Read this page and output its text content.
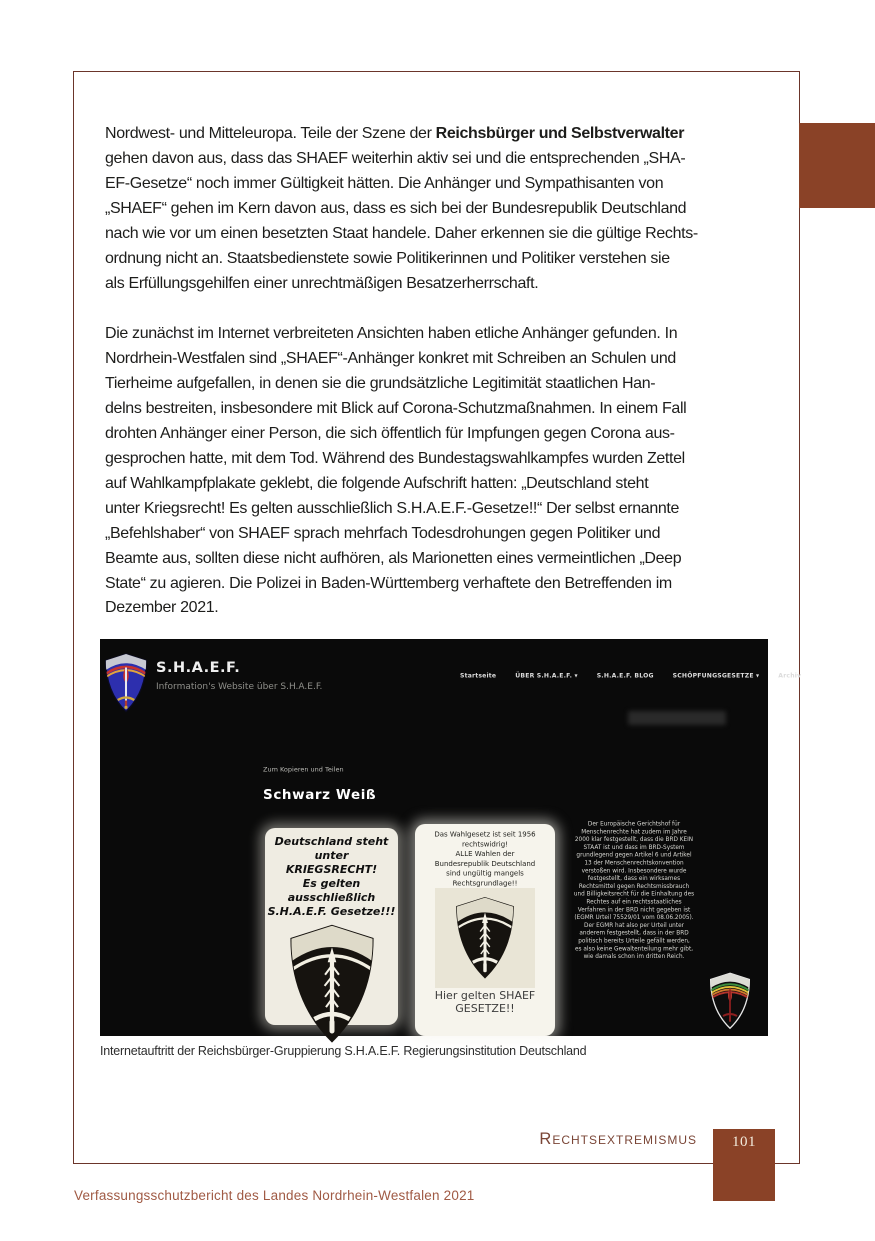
Nordwest- und Mitteleuropa. Teile der Szene der Reichsbürger und Selbstverwalter
gehen davon aus, dass das SHAEF weiterhin aktiv sei und die entsprechenden „SHA-
EF-Gesetze“ noch immer Gültigkeit hätten. Die Anhänger und Sympathisanten von
„SHAEF“ gehen im Kern davon aus, dass es sich bei der Bundesrepublik Deutschland
nach wie vor um einen besetzten Staat handele. Daher erkennen sie die gültige Rechts-
ordnung nicht an. Staatsbedienstete sowie Politikerinnen und Politiker verstehen sie
als Erfüllungsgehilfen einer unrechtmäßigen Besatzerherrschaft.
Die zunächst im Internet verbreiteten Ansichten haben etliche Anhänger gefunden. In
Nordrhein-Westfalen sind „SHAEF“-Anhänger konkret mit Schreiben an Schulen und
Tierheime aufgefallen, in denen sie die grundsätzliche Legitimität staatlichen Han-
delns bestreiten, insbesondere mit Blick auf Corona-Schutzmaßnahmen. In einem Fall
drohten Anhänger einer Person, die sich öffentlich für Impfungen gegen Corona aus-
gesprochen hatte, mit dem Tod. Während des Bundestagswahlkampfes wurden Zettel
auf Wahlkampfplakate geklebt, die folgende Aufschrift hatten: „Deutschland steht
unter Kriegsrecht! Es gelten ausschließlich S.H.A.E.F.-Gesetze!!“ Der selbst ernannte
„Befehlshaber“ von SHAEF sprach mehrfach Todesdrohungen gegen Politiker und
Beamte aus, sollten diese nicht aufhören, als Marionetten eines vermeintlichen „Deep
State“ zu agieren. Die Polizei in Baden-Württemberg verhaftete den Betreffenden im
Dezember 2021.
S.H.A.E.F.
Information's Website über S.H.A.E.F.
Startseite ÜBER S.H.A.E.F. ▾ S.H.A.E.F. BLOG SCHÖPFUNGSGESETZE ▾ Archiv
Zum Kopieren und Teilen
Schwarz Weiß
Deutschland steht unter
KRIEGSRECHT!
Es gelten ausschließlich
S.H.A.E.F. Gesetze!!!
Das Wahlgesetz ist seit 1956
rechtswidrig!
ALLE Wahlen der
Bundesrepublik Deutschland
sind ungültig mangels
Rechtsgrundlage!!
Hier gelten SHAEF
GESETZE!!
Der Europäische Gerichtshof für
Menschenrechte hat zudem im Jahre
2000 klar festgestellt, dass die BRD KEIN
STAAT ist und dass im BRD-System
grundlegend gegen Artikel 6 und Artikel
13 der Menschenrechtskonvention
verstoßen wird. Insbesondere wurde
festgestellt, dass ein wirksames
Rechtsmittel gegen Rechtsmissbrauch
und Billigkeitsrecht für die Einhaltung des
Rechtes auf ein rechtsstaatliches
Verfahren in der BRD nicht gegeben ist
(EGMR Urteil 75529/01 vom 08.06.2005).
Der EGMR hat also per Urteil unter
anderem festgestellt, dass in der BRD
politisch bereits Urteile gefällt werden,
es also keine Gewaltenteilung mehr gibt,
wie damals schon im dritten Reich.
Internetauftritt der Reichsbürger-Gruppierung S.H.A.E.F. Regierungsinstitution Deutschland
Rechtsextremismus	101
Verfassungsschutzbericht des Landes Nordrhein-Westfalen 2021
